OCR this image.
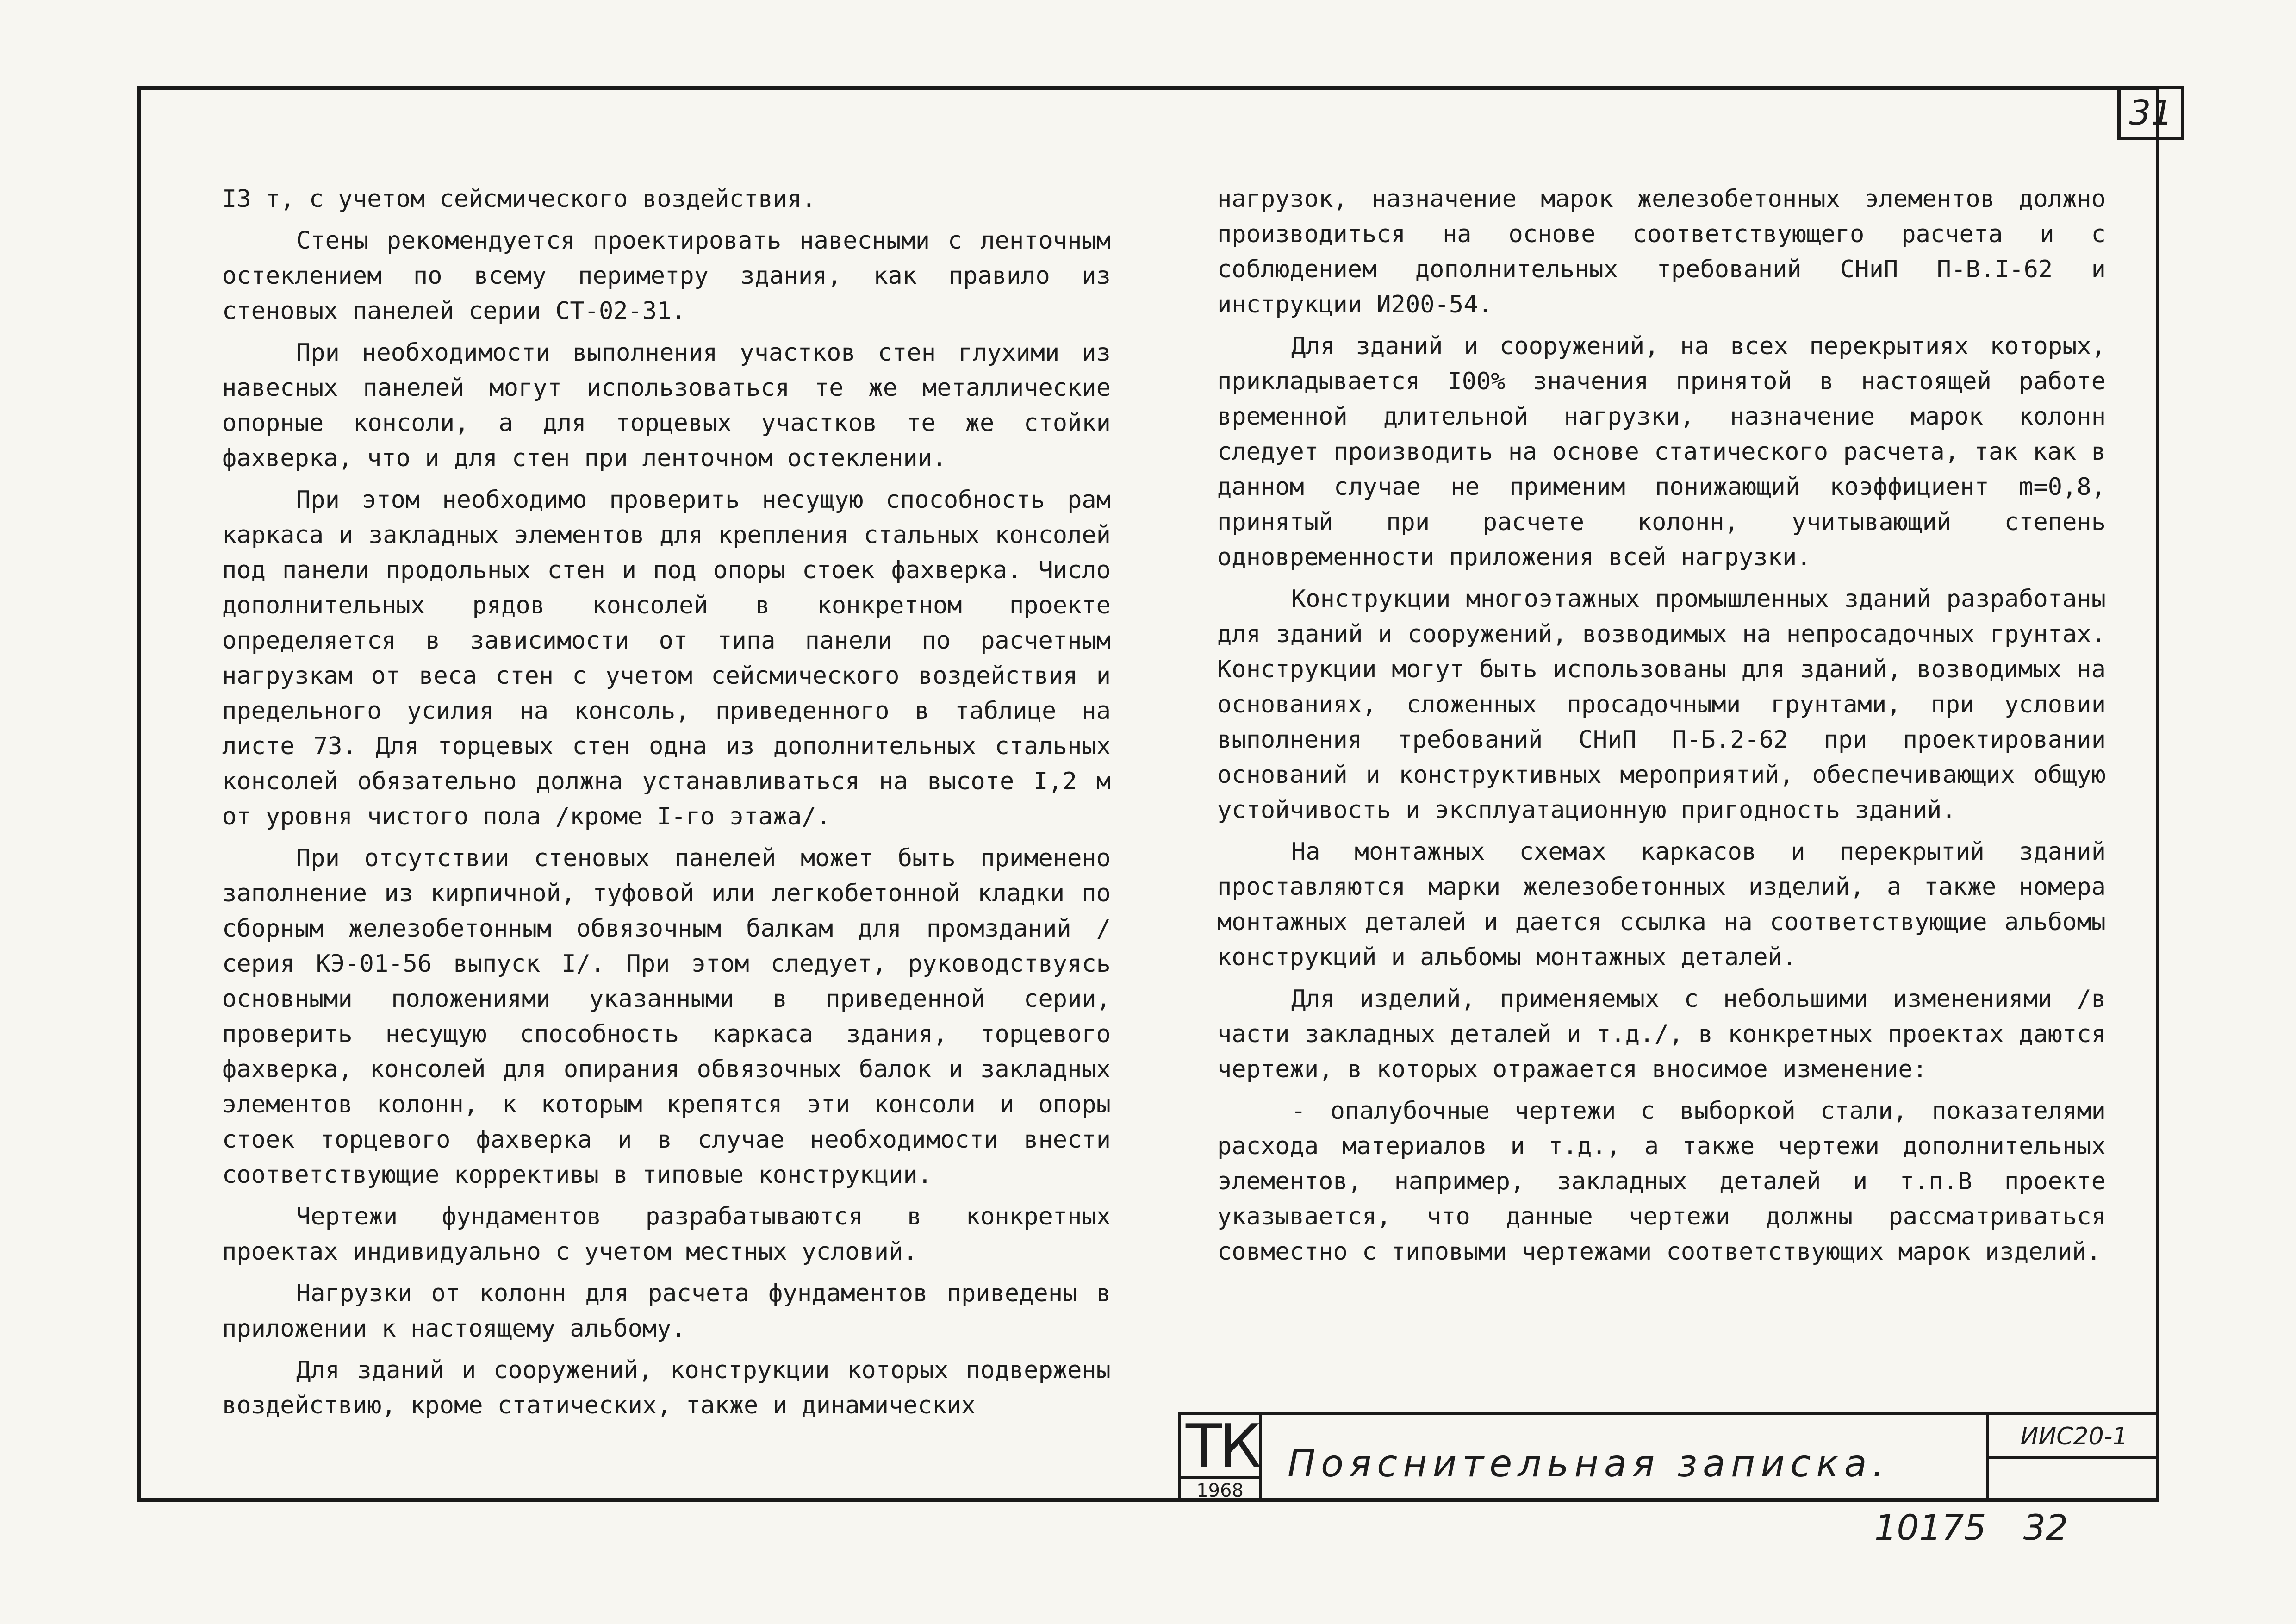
31

I3 т, с учетом сейсмического воздействия.

Стены рекомендуется проектировать навесными с ленточным остеклением по всему периметру здания, как правило из стеновых панелей серии СТ-02-31.

При необходимости выполнения участков стен глухими из навесных панелей могут использоваться те же металлические опорные консоли, а для торцевых участков те же стойки фахверка, что и для стен при ленточном остеклении.

При этом необходимо проверить несущую способность рам каркаса и закладных элементов для крепления стальных консолей под панели продольных стен и под опоры стоек фахверка. Число дополнительных рядов консолей в конкретном проекте определяется в зависимости от типа панели по расчетным нагрузкам от веса стен с учетом сейсмического воздействия и предельного усилия на консоль, приведенного в таблице на листе 73. Для торцевых стен одна из дополнительных стальных консолей обязательно должна устанавливаться на высоте I,2 м от уровня чистого пола /кроме I-го этажа/.

При отсутствии стеновых панелей может быть применено заполнение из кирпичной, туфовой или легкобетонной кладки по сборным железобетонным обвязочным балкам для промзданий /серия КЭ-01-56 выпуск I/. При этом следует, руководствуясь основными положениями указанными в приведенной серии, проверить несущую способность каркаса здания, торцевого фахверка, консолей для опирания обвязочных балок и закладных элементов колонн, к которым крепятся эти консоли и опоры стоек торцевого фахверка и в случае необходимости внести соответствующие коррективы в типовые конструкции.

Чертежи фундаментов разрабатываются в конкретных проектах индивидуально с учетом местных условий.

Нагрузки от колонн для расчета фундаментов приведены в приложении к настоящему альбому.

Для зданий и сооружений, конструкции которых подвержены воздействию, кроме статических, также и динамических

нагрузок, назначение марок железобетонных элементов должно производиться на основе соответствующего расчета и с соблюдением дополнительных требований СНиП П-В.I-62 и инструкции И200-54.

Для зданий и сооружений, на всех перекрытиях которых, прикладывается I00% значения принятой в настоящей работе временной длительной нагрузки, назначение марок колонн следует производить на основе статического расчета, так как в данном случае не применим понижающий коэффициент m=0,8, принятый при расчете колонн, учитывающий степень одновременности приложения всей нагрузки.

Конструкции многоэтажных промышленных зданий разработаны для зданий и сооружений, возводимых на непросадочных грунтах. Конструкции могут быть использованы для зданий, возводимых на основаниях, сложенных просадочными грунтами, при условии выполнения требований СНиП П-Б.2-62 при проектировании оснований и конструктивных мероприятий, обеспечивающих общую устойчивость и эксплуатационную пригодность зданий.

На монтажных схемах каркасов и перекрытий зданий проставляются марки железобетонных изделий, а также номера монтажных деталей и дается ссылка на соответствующие альбомы конструкций и альбомы монтажных деталей.

Для изделий, применяемых с небольшими изменениями /в части закладных деталей и т.д./, в конкретных проектах даются чертежи, в которых отражается вносимое изменение:

- опалубочные чертежи с выборкой стали, показателями расхода материалов и т.д., а также чертежи дополнительных элементов, например, закладных деталей и т.п.В проекте указывается, что данные чертежи должны рассматриваться совместно с типовыми чертежами соответствующих марок изделий.

ТК
1968
Пояснительная записка.
ИИС20-1
10175 32
